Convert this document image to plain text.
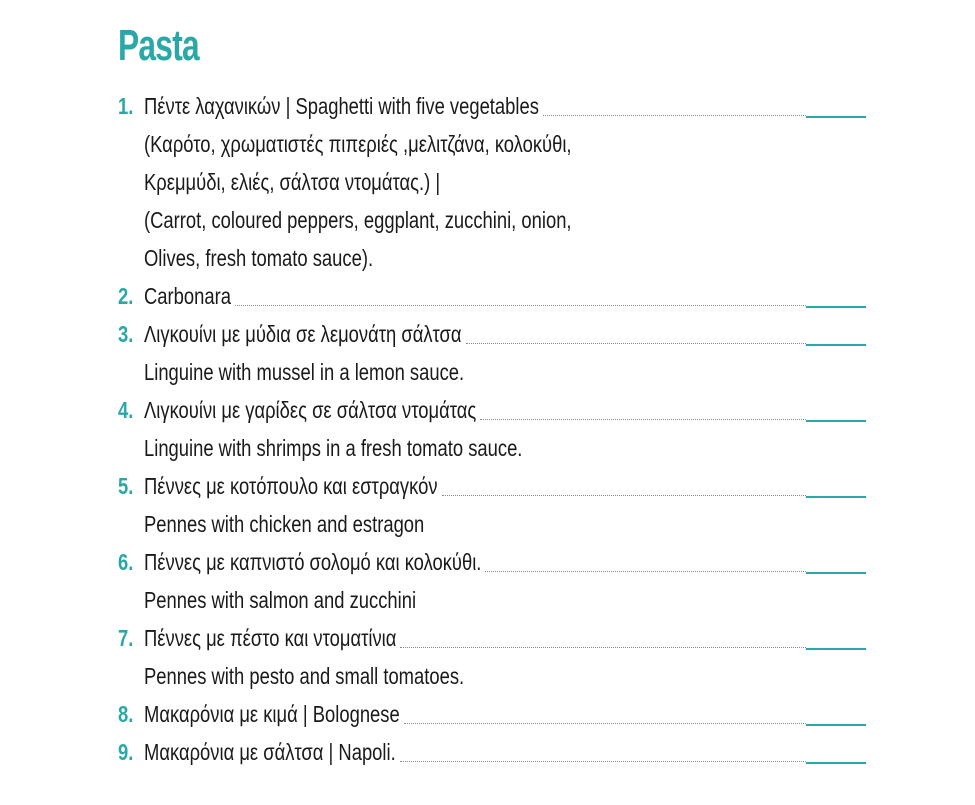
Pasta
1. Πέντε λαχανικών | Spaghetti with five vegetables
(Καρότο, χρωματιστές πιπεριές ,μελιτζάνα, κολοκύθι,
Κρεμμύδι, ελιές, σάλτσα ντομάτας.) |
(Carrot, coloured peppers, eggplant, zucchini, onion,
Olives, fresh tomato sauce).
2. Carbonara
3. Λιγκουίνι με μύδια σε λεμονάτη σάλτσα
Linguine with mussel in a lemon sauce.
4. Λιγκουίνι με γαρίδες σε σάλτσα ντομάτας
Linguine with shrimps in a fresh tomato sauce.
5. Πέννες με κοτόπουλο και εστραγκόν
Pennes with chicken and estragon
6. Πέννες με καπνιστό σολομό και κολοκύθι.
Pennes with salmon and zucchini
7. Πέννες με πέστο και ντοματίνια
Pennes with pesto and small tomatoes.
8. Μακαρόνια με κιμά | Bolognese
9. Μακαρόνια με σάλτσα | Napoli.
